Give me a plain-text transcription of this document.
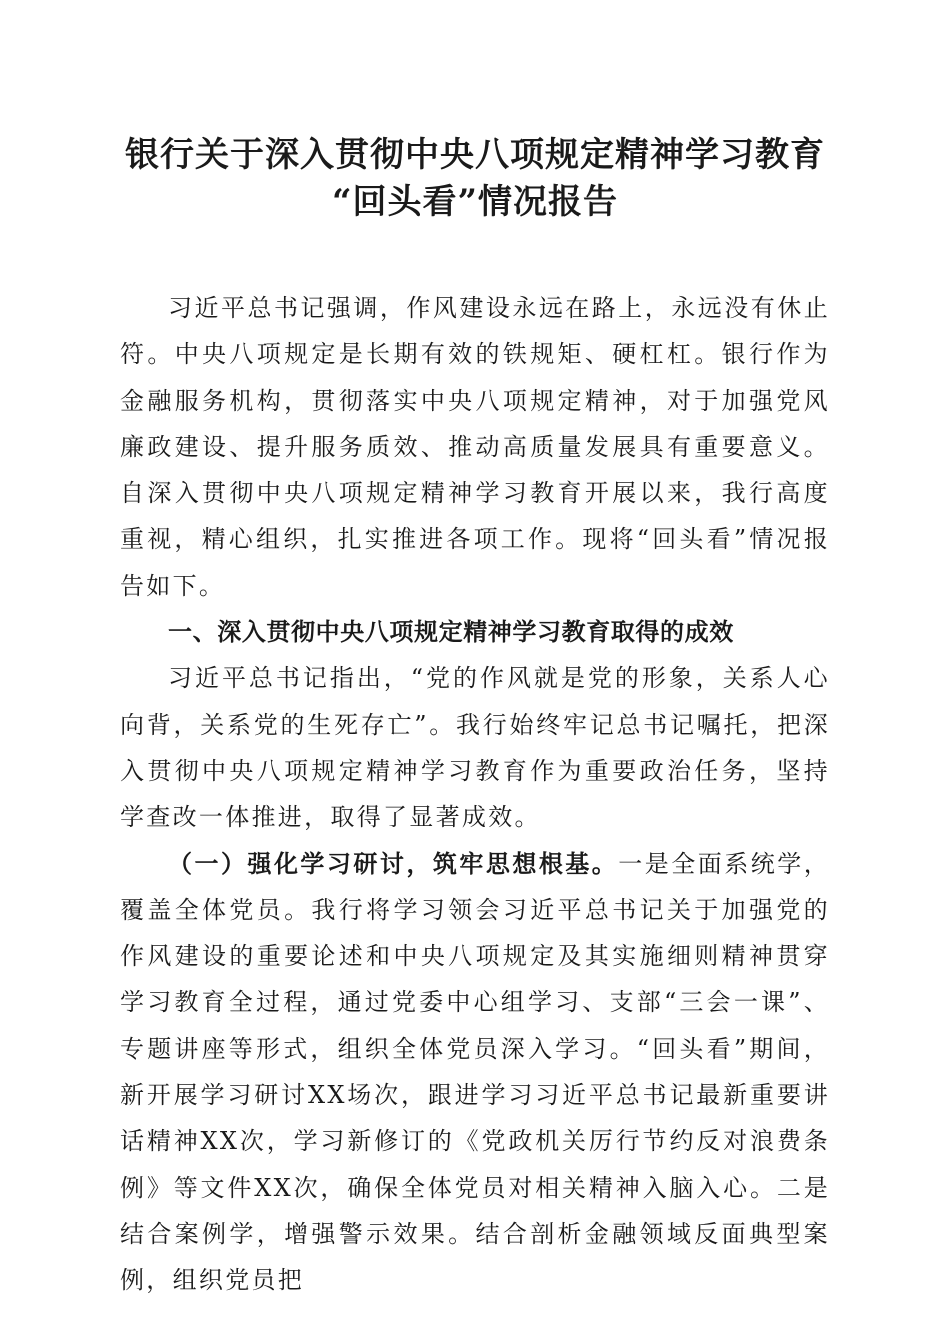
银行关于深入贯彻中央八项规定精神学习教育
“回头看”情况报告

习近平总书记强调，作风建设永远在路上，永远没有休止符。中央八项规定是长期有效的铁规矩、硬杠杠。银行作为金融服务机构，贯彻落实中央八项规定精神，对于加强党风廉政建设、提升服务质效、推动高质量发展具有重要意义。自深入贯彻中央八项规定精神学习教育开展以来，我行高度重视，精心组织，扎实推进各项工作。现将“回头看”情况报告如下。

一、深入贯彻中央八项规定精神学习教育取得的成效

习近平总书记指出，“党的作风就是党的形象，关系人心向背，关系党的生死存亡”。我行始终牢记总书记嘱托，把深入贯彻中央八项规定精神学习教育作为重要政治任务，坚持学查改一体推进，取得了显著成效。

（一）强化学习研讨，筑牢思想根基。一是全面系统学，覆盖全体党员。我行将学习领会习近平总书记关于加强党的作风建设的重要论述和中央八项规定及其实施细则精神贯穿学习教育全过程，通过党委中心组学习、支部“三会一课”、专题讲座等形式，组织全体党员深入学习。“回头看”期间，新开展学习研讨XX场次，跟进学习习近平总书记最新重要讲话精神XX次，学习新修订的《党政机关厉行节约反对浪费条例》等文件XX次，确保全体党员对相关精神入脑入心。二是结合案例学，增强警示效果。结合剖析金融领域反面典型案例，组织党员把
